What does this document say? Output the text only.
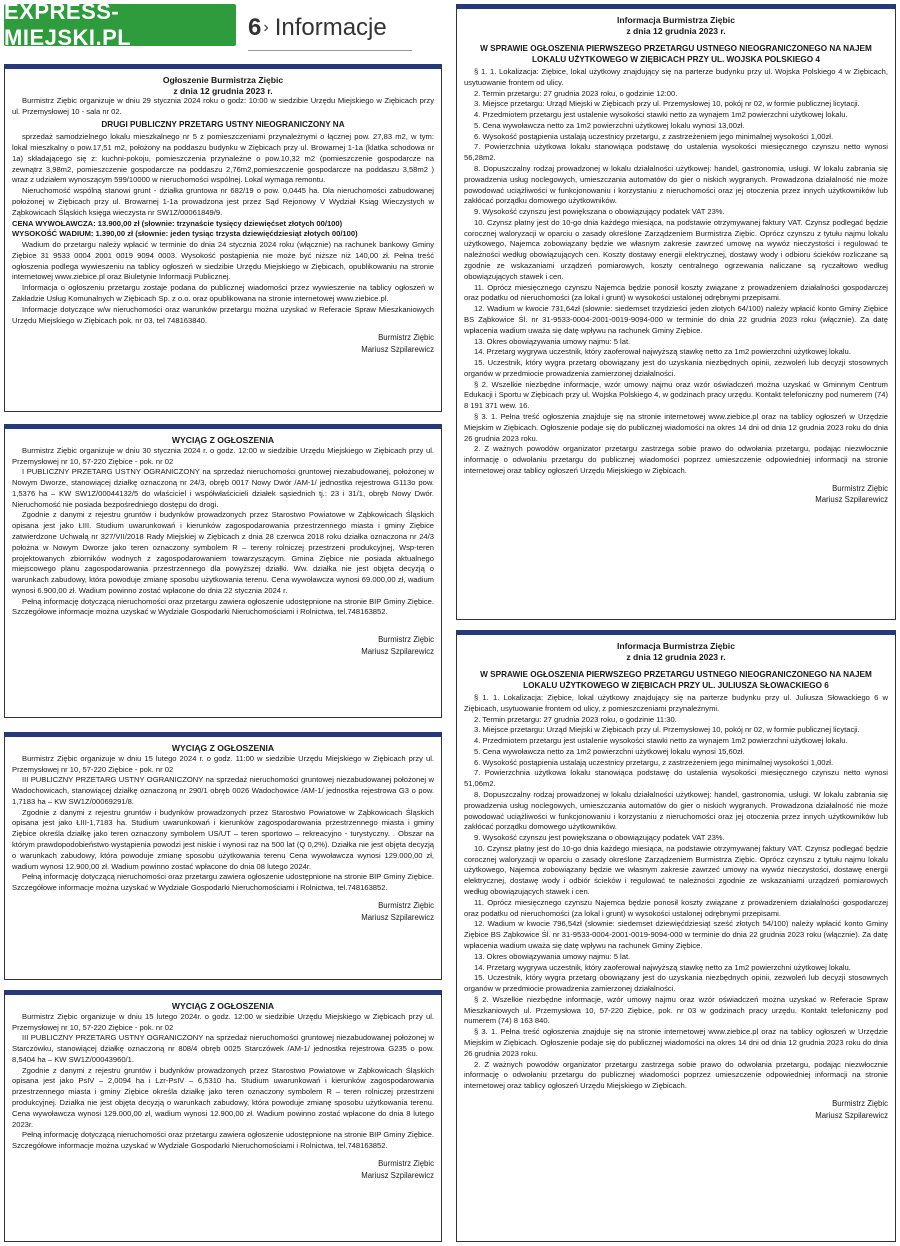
EXPRESS-MIEJSKI.PL	6 › Informacje
Ogłoszenie Burmistrza Ziębic
z dnia 12 grudnia 2023 r.

Burmistrz Ziębic organizuje w dniu 29 stycznia 2024 roku o godz: 10:00 w siedzibie Urzędu Miejskiego w Ziębicach przy ul. Przemysłowej 10 - sala nr 02.

DRUGI PUBLICZNY PRZETARG USTNY NIEOGRANICZONY NA

sprzedaż samodzielnego lokalu mieszkalnego nr 5 z pomieszczeniami przynależnymi o łącznej pow. 27,83 m2, w tym: lokal mieszkalny o pow.17,51 m2, położony na poddaszu budynku w Ziębicach przy ul. Browarnej 1-1a (klatka schodowa nr 1a) składającego się z: kuchni-pokoju, pomieszczenia przynależne o pow.10,32 m2 (pomieszczenie gospodarcze na zewnątrz 3,98m2, pomieszczenie gospodarcze na poddaszu 2,76m2,pomieszczenie gospodarcze na poddaszu 3,58m2 ) wraz z udziałem wynoszącym 599/10000 w nieruchomości wspólnej. Lokal wymaga remontu.

Nieruchomość wspólną stanowi grunt - działka gruntowa nr 682/19 o pow. 0,0445 ha. Dla nieruchomości zabudowanej położonej w Ziębicach przy ul. Browarnej 1-1a prowadzona jest przez Sąd Rejonowy V Wydział Ksiąg Wieczystych w Ząbkowicach Śląskich księga wieczysta nr SW1Z/00061849/9.

CENA WYWOŁAWCZA: 13.900,00 zł (słownie: trzynaście tysięcy dziewięćset złotych 00/100)

WYSOKOŚĆ WADIUM: 1.390,00 zł (słownie: jeden tysiąc trzysta dziewięćdziesiąt złotych 00/100)

Wadium do przetargu należy wpłacić w terminie do dnia 24 stycznia 2024 roku (włącznie) na rachunek bankowy Gminy Ziębice 31 9533 0004 2001 0019 9094 0003. Wysokość postąpienia nie może być niższe niż 140,00 zł. Pełna treść ogłoszenia podlega wywieszeniu na tablicy ogłoszeń w siedzibie Urzędu Miejskiego w Ziębicach, opublikowaniu na stronie internetowej www.ziebice.pl oraz Biuletynie Informacji Publicznej.

Informacja o ogłoszeniu przetargu zostaje podana do publicznej wiadomości przez wywieszenie na tablicy ogłoszeń w Zakładzie Usług Komunalnych w Ziębicach Sp. z o.o. oraz opublikowana na stronie internetowej www.ziebice.pl.

Informacje dotyczące w/w nieruchomości oraz warunków przetargu można uzyskać w Referacie Spraw Mieszkaniowych Urzędu Miejskiego w Ziębicach pok. nr 03, tel 748163840.

Burmistrz Ziębic
Mariusz Szpilarewicz
WYCIĄG Z OGŁOSZENIA

Burmistrz Ziębic organizuje w dniu 30 stycznia 2024 r. o godz. 12:00 w siedzibie Urzędu Miejskiego w Ziębicach przy ul. Przemysłowej nr 10, 57-220 Ziębice - pok. nr 02

I PUBLICZNY PRZETARG USTNY OGRANICZONY na sprzedaż nieruchomości gruntowej niezabudowanej, położonej w Nowym Dworze, stanowiącej działkę oznaczoną nr 24/3, obręb 0017 Nowy Dwór /AM-1/ jednostka rejestrowa G113o pow. 1,5376 ha – KW SW1Z/00044132/5 do właściciel i współwłaścicieli działek sąsiednich tj.: 23 i 31/1, obręb Nowy Dwór. Nieruchomość nie posiada bezpośredniego dostępu do drogi.

Zgodnie z danymi z rejestru gruntów i budynków prowadzonych przez Starostwo Powiatowe w Ząbkowicach Śląskich opisana jest jako ŁIII. Studium uwarunkowań i kierunków zagospodarowania przestrzennego miasta i gminy Ziębice zatwierdzone Uchwałą nr 327/VII/2018 Rady Miejskiej w Ziębicach z dnia 28 czerwca 2018 roku działka oznaczona nr 24/3 położna w Nowym Dworze jako teren oznaczony symbolem R – tereny rolniczej przestrzeni produkcyjnej, Wsp-teren projektowanych zbiorników wodnych z zagospodarowaniem towarzyszącym. Gmina Ziębice nie posiada aktualnego miejscowego planu zagospodarowania przestrzennego dla powyższej działki. Ww. działka nie jest objęta decyzją o warunkach zabudowy, która powoduje zmianę sposobu użytkowania terenu. Cena wywoławcza wynosi 69.000,00 zł, wadium wynosi 6.900,00 zł. Wadium powinno zostać wpłacone do dnia 22 stycznia 2024 r.

Pełną informację dotyczącą nieruchomości oraz przetargu zawiera ogłoszenie udostępnione na stronie BIP Gminy Ziębice. Szczegółowe informacje można uzyskać w Wydziale Gospodarki Nieruchomościami i Rolnictwa, tel.748163852.

Burmistrz Ziębic
Mariusz Szpilarewicz
WYCIĄG Z OGŁOSZENIA

Burmistrz Ziębic organizuje w dniu 15 lutego 2024 r. o godz. 11:00 w siedzibie Urzędu Miejskiego w Ziębicach przy ul. Przemysłowej nr 10, 57-220 Ziębice - pok. nr 02

III PUBLICZNY PRZETARG USTNY OGRANICZONY na sprzedaż nieruchomości gruntowej niezabudowanej położonej w Wadochowicach, stanowiącej działkę oznaczoną nr 290/1 obręb 0026 Wadochowice /AM-1/ jednostka rejestrowa G3 o pow. 1,7183 ha – KW SW1Z/00069291/8.

Zgodnie z danymi z rejestru gruntów i budynków prowadzonych przez Starostwo Powiatowe w Ząbkowicach Śląskich opisana jest jako ŁIII-1,7183 ha. Studium uwarunkowań i kierunków zagospodarowania przestrzennego miasta i gminy Ziębice określa działkę jako teren oznaczony symbolem US/UT – teren sportowo – rekreacyjno - turystyczny. . Obszar na którym prawdopodobieństwo wystąpienia powodzi jest niskie i wynosi raz na 500 lat (Q 0,2%). Działka nie jest objęta decyzją o warunkach zabudowy, która powoduje zmianę sposobu użytkowania terenu Cena wywoławcza wynosi 129.000,00 zł, wadium wynosi 12.900,00 zł. Wadium powinno zostać wpłacone do dnia 08 lutego 2024r.

Pełną informację dotyczącą nieruchomości oraz przetargu zawiera ogłoszenie udostępnione na stronie BIP Gminy Ziębice. Szczegółowe informacje można uzyskać w Wydziale Gospodarki Nieruchomościami i Rolnictwa, tel.748163852.

Burmistrz Ziębic
Mariusz Szpilarewicz
WYCIĄG Z OGŁOSZENIA

Burmistrz Ziębic organizuje w dniu 15 lutego 2024r. o godz. 12:00 w siedzibie Urzędu Miejskiego w Ziębicach przy ul. Przemysłowej nr 10, 57-220 Ziębice - pok. nr 02

III PUBLICZNY PRZETARG USTNY OGRANICZONY na sprzedaż nieruchomości gruntowej niezabudowanej położonej w Starczówku, stanowiącej działkę oznaczoną nr 808/4 obręb 0025 Starczówek /AM-1/ jednostka rejestrowa G235 o pow. 8,5404 ha – KW SW1Z/00043960/1.

Zgodnie z danymi z rejestru gruntów i budynków prowadzonych przez Starostwo Powiatowe w Ząbkowicach Śląskich opisana jest jako PsIV – 2,0094 ha i Lzr-PsIV – 6,5310 ha. Studium uwarunkowań i kierunków zagospodarowania przestrzennego miasta i gminy Ziębice określa działkę jako teren oznaczony symbolem R – teren rolniczej przestrzeni produkcyjnej. Działka nie jest objęta decyzją o warunkach zabudowy, która powoduje zmianę sposobu użytkowania terenu. Cena wywoławcza wynosi 129.000,00 zł, wadium wynosi 12.900,00 zł. Wadium powinno zostać wpłacone do dnia 8 lutego 2023r.

Pełną informację dotyczącą nieruchomości oraz przetargu zawiera ogłoszenie udostępnione na stronie BIP Gminy Ziębice. Szczegółowe informacje można uzyskać w Wydziale Gospodarki Nieruchomościami i Rolnictwa, tel.748163852.

Burmistrz Ziębic
Mariusz Szpilarewicz
Informacja Burmistrza Ziębic
z dnia 12 grudnia 2023 r.
W SPRAWIE OGŁOSZENIA PIERWSZEGO PRZETARGU USTNEGO NIEOGRANICZONEGO NA NAJEM LOKALU UŻYTKOWEGO W ZIĘBICACH PRZY UL. WOJSKA POLSKIEGO 4

§ 1. 1. Lokalizacja: Ziębice, lokal użytkowy znajdujący się na parterze budynku przy ul. Wojska Polskiego 4 w Ziębicach, usytuowanie frontem od ulicy.

2. Termin przetargu: 27 grudnia 2023 roku, o godzinie 12:00.

3. Miejsce przetargu: Urząd Miejski w Ziębicach przy ul. Przemysłowej 10, pokój nr 02, w formie publicznej licytacji.

4. Przedmiotem przetargu jest ustalenie wysokości stawki netto za wynajem 1m2 powierzchni użytkowej lokalu.

5. Cena wywoławcza netto za 1m2 powierzchni użytkowej lokalu wynosi 13,00zł.

6. Wysokość postąpienia ustalają uczestnicy przetargu, z zastrzeżeniem jego minimalnej wysokości 1,00zł.

7. Powierzchnia użytkowa lokalu stanowiąca podstawę do ustalenia wysokości miesięcznego czynszu netto wynosi 56,28m2.

8. Dopuszczalny rodzaj prowadzonej w lokalu działalności użytkowej: handel, gastronomia, usługi. W lokalu zabrania się prowadzenia usług noclegowych, umieszczania automatów do gier o niskich wygranych. Prowadzona działalność nie może powodować uciążliwości w funkcjonowaniu i korzystaniu z nieruchomości oraz jej otoczenia przez innych użytkowników lub zakłócać porządku domowego użytkowników.

9. Wysokość czynszu jest powiększana o obowiązujący podatek VAT 23%.

10. Czynsz płatny jest do 10-go dnia każdego miesiąca, na podstawie otrzymywanej faktury VAT. Czynsz podlegać będzie corocznej waloryzacji w oparciu o zasady określone Zarządzeniem Burmistrza Ziębic. Oprócz czynszu z tytułu najmu lokalu użytkowego, Najemca zobowiązany będzie we własnym zakresie zawrzeć umowę na wywóz nieczystości i regulować te należności według obowiązujących cen. Koszty dostawy energii elektrycznej, dostawy wody i odbioru ścieków rozliczane są zgodnie ze wskazaniami urządzeń pomiarowych, koszty centralnego ogrzewania naliczane są ryczałtowo według obowiązujących stawek i cen.

11. Oprócz miesięcznego czynszu Najemca będzie ponosił koszty związane z prowadzeniem działalności gospodarczej oraz podatku od nieruchomości (za lokal i grunt) w wysokości ustalonej odrębnymi przepisami.

12. Wadium w kwocie 731,64zł (słownie: siedemset trzydzieści jeden złotych 64/100) należy wpłacić konto Gminy Ziębice BS Ząbkowice Śl. nr 31-9533-0004-2001-0019-9094-000 w terminie do dnia 22 grudnia 2023 roku (włącznie). Za datę wpłacenia wadium uważa się datę wpływu na rachunek Gminy Ziębice.

13. Okres obowiązywania umowy najmu: 5 lat.

14. Przetarg wygrywa uczestnik, który zaoferował najwyższą stawkę netto za 1m2 powierzchni użytkowej lokalu.

15. Uczestnik, który wygra przetarg obowiązany jest do uzyskania niezbędnych opinii, zezwoleń lub decyzji stosownych organów w przedmiocie prowadzenia zamierzonej działalności.

§ 2. Wszelkie niezbędne informacje, wzór umowy najmu oraz wzór oświadczeń można uzyskać w Gminnym Centrum Edukacji i Sportu w Ziębicach przy ul. Wojska Polskiego 4, w godzinach pracy urzędu. Kontakt telefoniczny pod numerem (74) 8 191 371 wew. 16.

§ 3. 1. Pełna treść ogłoszenia znajduje się na stronie internetowej www.ziebice.pl oraz na tablicy ogłoszeń w Urzędzie Miejskim w Ziębicach. Ogłoszenie podaje się do publicznej wiadomości na okres 14 dni od dnia 12 grudnia 2023 roku do dnia 26 grudnia 2023 roku.

2. Z ważnych powodów organizator przetargu zastrzega sobie prawo do odwołania przetargu, podając niezwłocznie informację o odwołaniu przetargu do publicznej wiadomości poprzez umieszczenie odpowiedniej informacji na stronie internetowej oraz tablicy ogłoszeń Urzędu Miejskiego w Ziębicach.

Burmistrz Ziębic
Mariusz Szpilarewicz
Informacja Burmistrza Ziębic
z dnia 12 grudnia 2023 r.
W SPRAWIE OGŁOSZENIA PIERWSZEGO PRZETARGU USTNEGO NIEOGRANICZONEGO NA NAJEM LOKALU UŻYTKOWEGO W ZIĘBICACH PRZY UL. JULIUSZA SŁOWACKIEGO 6

§ 1. 1. Lokalizacja: Ziębice, lokal użytkowy znajdujący się na parterze budynku przy ul. Juliusza Słowackiego 6 w Ziębicach, usytuowanie frontem od ulicy, z pomieszczeniami przynależnymi.

2. Termin przetargu: 27 grudnia 2023 roku, o godzinie 11:30.

3. Miejsce przetargu: Urząd Miejski w Ziębicach przy ul. Przemysłowej 10, pokój nr 02, w formie publicznej licytacji.

4. Przedmiotem przetargu jest ustalenie wysokości stawki netto za wynajem 1m2 powierzchni użytkowej lokalu.

5. Cena wywoławcza netto za 1m2 powierzchni użytkowej lokalu wynosi 15,60zł.

6. Wysokość postąpienia ustalają uczestnicy przetargu, z zastrzeżeniem jego minimalnej wysokości 1,00zł.

7. Powierzchnia użytkowa lokalu stanowiąca podstawę do ustalenia wysokości miesięcznego czynszu netto wynosi 51,06m2.

8. Dopuszczalny rodzaj prowadzonej w lokalu działalności użytkowej: handel, gastronomia, usługi. W lokalu zabrania się prowadzenia usług noclegowych, umieszczania automatów do gier o niskich wygranych. Prowadzona działalność nie może powodować uciążliwości w funkcjonowaniu i korzystaniu z nieruchomości oraz jej otoczenia przez innych użytkowników lub zakłócać porządku domowego użytkowników.

9. Wysokość czynszu jest powiększana o obowiązujący podatek VAT 23%.

10. Czynsz płatny jest do 10-go dnia każdego miesiąca, na podstawie otrzymywanej faktury VAT. Czynsz podlegać będzie corocznej waloryzacji w oparciu o zasady określone Zarządzeniem Burmistrza Ziębic. Oprócz czynszu z tytułu najmu lokalu użytkowego, Najemca zobowiązany będzie we własnym zakresie zawrzeć umowy na wywóz nieczystości, dostawę energii elektrycznej, dostawę wody i odbiór ścieków i regulować te należności zgodnie ze wskazaniami urządzeń pomiarowych według obowiązujących stawek i cen.

11. Oprócz miesięcznego czynszu Najemca będzie ponosił koszty związane z prowadzeniem działalności gospodarczej oraz podatku od nieruchomości (za lokal i grunt) w wysokości ustalonej odrębnymi przepisami.

12. Wadium w kwocie 796,54zł (słownie: siedemset dziewięćdziesiąt sześć złotych 54/100) należy wpłacić konto Gminy Ziębice BS Ząbkowice Śl. nr 31-9533-0004-2001-0019-9094-000 w terminie do dnia 22 grudnia 2023 roku (włącznie). Za datę wpłacenia wadium uważa się datę wpływu na rachunek Gminy Ziębice.

13. Okres obowiązywania umowy najmu: 5 lat.

14. Przetarg wygrywa uczestnik, który zaoferował najwyższą stawkę netto za 1m2 powierzchni użytkowej lokalu.

15. Uczestnik, który wygra przetarg obowiązany jest do uzyskania niezbędnych opinii, zezwoleń lub decyzji stosownych organów w przedmiocie prowadzenia zamierzonej działalności.

§ 2. Wszelkie niezbędne informacje, wzór umowy najmu oraz wzór oświadczeń można uzyskać w Referacie Spraw Mieszkaniowych ul. Przemysłowa 10, 57-220 Ziębice, pok. nr 03 w godzinach pracy urzędu. Kontakt telefoniczny pod numerem (74) 8 163 840.

§ 3. 1. Pełna treść ogłoszenia znajduje się na stronie internetowej www.ziebice.pl oraz na tablicy ogłoszeń w Urzędzie Miejskim w Ziębicach. Ogłoszenie podaje się do publicznej wiadomości na okres 14 dni od dnia 12 grudnia 2023 roku do dnia 26 grudnia 2023 roku.

2. Z ważnych powodów organizator przetargu zastrzega sobie prawo do odwołania przetargu, podając niezwłocznie informację o odwołaniu przetargu do publicznej wiadomości poprzez umieszczenie odpowiedniej informacji na stronie internetowej oraz tablicy ogłoszeń Urzędu Miejskiego w Ziębicach.

Burmistrz Ziębic
Mariusz Szpilarewicz
